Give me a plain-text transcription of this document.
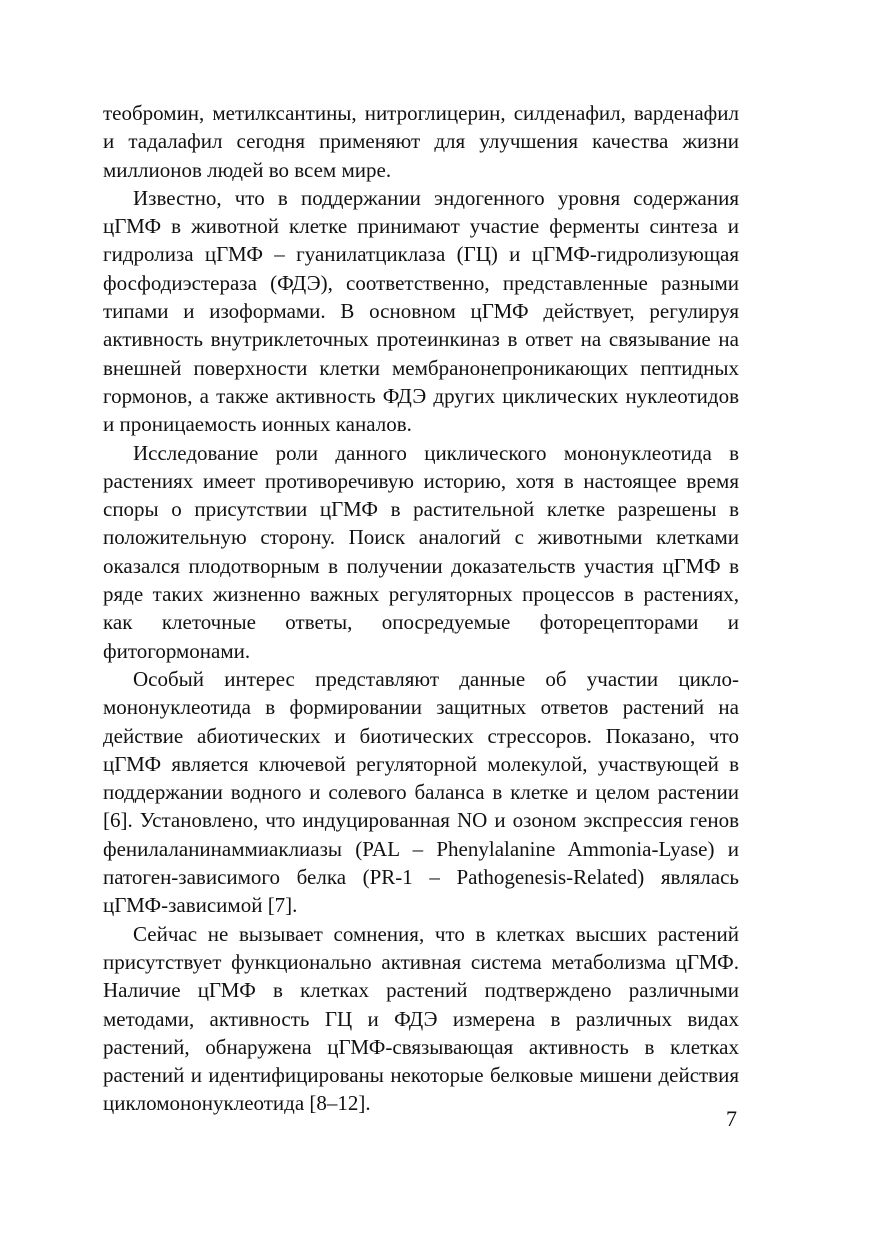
теобромин, метилксантины, нитроглицерин, силденафил, варденафил и тадалафил сегодня применяют для улучшения качества жизни миллионов людей во всем мире.

Известно, что в поддержании эндогенного уровня содержания цГМФ в животной клетке принимают участие ферменты синтеза и гидролиза цГМФ – гуанилатциклаза (ГЦ) и цГМФ-гидролизующая фосфодиэстераза (ФДЭ), соответственно, представленные разными типами и изоформами. В основном цГМФ действует, регулируя активность внутриклеточных протеинкиназ в ответ на связывание на внешней поверхности клетки мембранонепроникающих пептидных гормонов, а также активность ФДЭ других циклических нуклеотидов и проницаемость ионных каналов.

Исследование роли данного циклического мононуклеотида в растениях имеет противоречивую историю, хотя в настоящее время споры о присутствии цГМФ в растительной клетке разрешены в положительную сторону. Поиск аналогий с животными клетками оказался плодотворным в получении доказательств участия цГМФ в ряде таких жизненно важных регуляторных процессов в растениях, как клеточные ответы, опосредуемые фоторецепторами и фитогормонами.

Особый интерес представляют данные об участии цикломононуклеотида в формировании защитных ответов растений на действие абиотических и биотических стрессоров. Показано, что цГМФ является ключевой регуляторной молекулой, участвующей в поддержании водного и солевого баланса в клетке и целом растении [6]. Установлено, что индуцированная NO и озоном экспрессия генов фенилаланинаммиаклиазы (PAL – Phenylalanine Ammonia-Lyase) и патоген-зависимого белка (PR-1 – Pathogenesis-Related) являлась цГМФ-зависимой [7].

Сейчас не вызывает сомнения, что в клетках высших растений присутствует функционально активная система метаболизма цГМФ. Наличие цГМФ в клетках растений подтверждено различными методами, активность ГЦ и ФДЭ измерена в различных видах растений, обнаружена цГМФ-связывающая активность в клетках растений и идентифицированы некоторые белковые мишени действия цикломононуклеотида [8–12].

7
